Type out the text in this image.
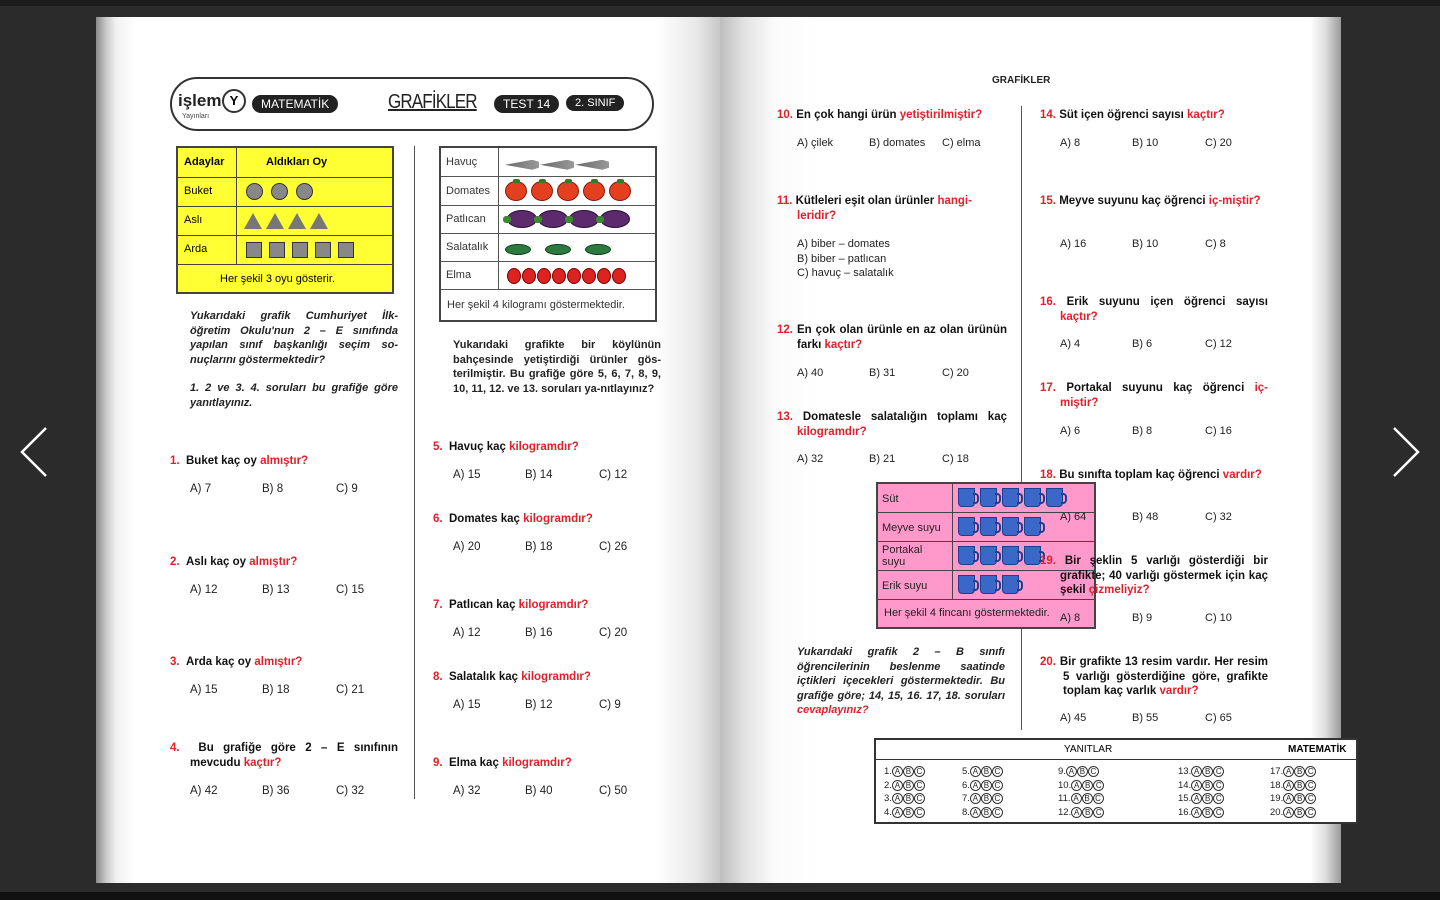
işlem
Yayınları
Y	MATEMATİK	GRAFİKLER	TEST 14	2. SINIF
Adaylar	Aldıkları Oy
Buket
Aslı
Arda
Her şekil 3 oyu gösterir.
Havuç
Domates
Patlıcan
Salatalık
Elma
Her şekil 4 kilogramı göstermektedir.
Yukarıdaki grafik Cumhuriyet İlk-öğretim Okulu'nun 2 – E sınıfında yapılan sınıf başkanlığı seçim so-nuçlarını göstermektedir?
1. 2 ve 3. 4. soruları bu grafiğe göre yanıtlayınız.
Yukarıdaki grafikte bir köylünün bahçesinde yetiştirdiği ürünler gös-terilmiştir. Bu grafiğe göre 5, 6, 7, 8, 9, 10, 11, 12. ve 13. soruları ya-nıtlayınız?
1. Buket kaç oy almıştır?
A) 7	B) 8	C) 9
2. Aslı kaç oy almıştır?
A) 12	B) 13	C) 15
3. Arda kaç oy almıştır?
A) 15	B) 18	C) 21
4. Bu grafiğe göre 2 – E sınıfının mevcudu kaçtır?
A) 42	B) 36	C) 32
5. Havuç kaç kilogramdır?
A) 15	B) 14	C) 12
6. Domates kaç kilogramdır?
A) 20	B) 18	C) 26
7. Patlıcan kaç kilogramdır?
A) 12	B) 16	C) 20
8. Salatalık kaç kilogramdır?
A) 15	B) 12	C) 9
9. Elma kaç kilogramdır?
A) 32	B) 40	C) 50
GRAFİKLER
10. En çok hangi ürün yetiştirilmiştir?
A) çilek	B) domates C) elma
11. Kütleleri eşit olan ürünler hangi-leridir?
A) biber – domates
B) biber – patlıcan
C) havuç – salatalık
12. En çok olan ürünle en az olan ürünün farkı kaçtır?
A) 40	B) 31	C) 20
13. Domatesle salatalığın toplamı kaç kilogramdır?
A) 32	B) 21	C) 18
Süt
Meyve suyu
Portakal suyu
Erik suyu
Her şekil 4 fincanı göstermektedir.
Yukarıdaki grafik 2 – B sınıfı öğrencilerinin beslenme saatinde içtikleri içecekleri göstermektedir. Bu grafiğe göre; 14, 15, 16. 17, 18. soruları cevaplayınız?
14. Süt içen öğrenci sayısı kaçtır?
A) 8	B) 10	C) 20
15. Meyve suyunu kaç öğrenci iç-miştir?
A) 16	B) 10	C) 8
16. Erik suyunu içen öğrenci sayısı kaçtır?
A) 4	B) 6	C) 12
17. Portakal suyunu kaç öğrenci iç-miştir?
A) 6	B) 8	C) 16
18. Bu sınıfta toplam kaç öğrenci vardır?
A) 64	B) 48	C) 32
19. Bir şeklin 5 varlığı gösterdiği bir grafikte; 40 varlığı göstermek için kaç şekil çizmeliyiz?
A) 8	B) 9	C) 10
20. Bir grafikte 13 resim vardır. Her resim 5 varlığı gösterdiğine göre, grafikte toplam kaç varlık vardır?
A) 45	B) 55	C) 65
YANITLAR	MATEMATİK
1. A B C
2. A B C
3. A B C
4. A B C
5. A B C
6. A B C
7. A B C
8. A B C
9. A B C
10. A B C
11. A B C
12. A B C
13. A B C
14. A B C
15. A B C
16. A B C
17. A B C
18. A B C
19. A B C
20. A B C
